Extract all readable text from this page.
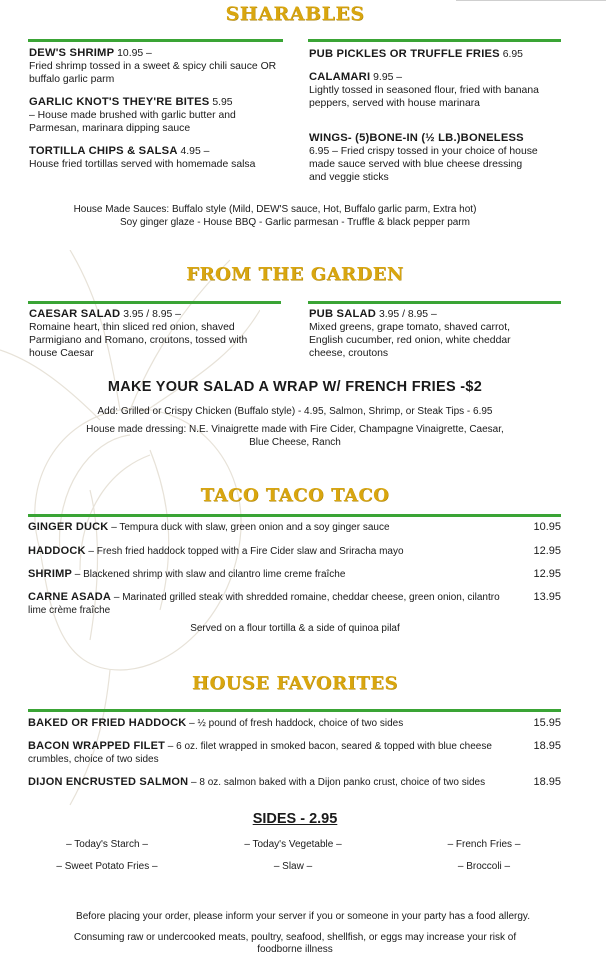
SHARABLES
DEW'S SHRIMP 10.95 –
Fried shrimp tossed in a sweet & spicy chili sauce OR buffalo garlic parm
GARLIC KNOT'S THEY'RE BITES 5.95
– House made brushed with garlic butter and Parmesan, marinara dipping sauce
TORTILLA CHIPS & SALSA 4.95 –
House fried tortillas served with homemade salsa
PUB PICKLES OR TRUFFLE FRIES 6.95
CALAMARI 9.95 –
Lightly tossed in seasoned flour, fried with banana peppers, served with house marinara
WINGS- (5)BONE-IN (½ LB.)BONELESS
6.95 – Fried crispy tossed in your choice of house made sauce served with blue cheese dressing and veggie sticks
House Made Sauces: Buffalo style (Mild, DEW'S sauce, Hot, Buffalo garlic parm, Extra hot)
Soy ginger glaze - House BBQ - Garlic parmesan - Truffle & black pepper parm
FROM THE GARDEN
CAESAR SALAD 3.95 / 8.95 –
Romaine heart, thin sliced red onion, shaved Parmigiano and Romano, croutons, tossed with house Caesar
PUB SALAD 3.95 / 8.95 –
Mixed greens, grape tomato, shaved carrot, English cucumber, red onion, white cheddar cheese, croutons
MAKE YOUR SALAD A WRAP W/ FRENCH FRIES -$2
Add: Grilled or Crispy Chicken (Buffalo style) - 4.95, Salmon, Shrimp, or Steak Tips - 6.95
House made dressing: N.E. Vinaigrette made with Fire Cider, Champagne Vinaigrette, Caesar,
Blue Cheese, Ranch
TACO TACO TACO
GINGER DUCK – Tempura duck with slaw, green onion and a soy ginger sauce	10.95
HADDOCK – Fresh fried haddock topped with a Fire Cider slaw and Sriracha mayo	12.95
SHRIMP – Blackened shrimp with slaw and cilantro lime creme fraîche	12.95
CARNE ASADA – Marinated grilled steak with shredded romaine, cheddar cheese, green onion, cilantro lime crème fraîche
13.95
Served on a flour tortilla & a side of quinoa pilaf
HOUSE FAVORITES
BAKED OR FRIED HADDOCK – ½ pound of fresh haddock, choice of two sides	15.95
BACON WRAPPED FILET – 6 oz. filet wrapped in smoked bacon, seared & topped with blue cheese crumbles, choice of two sides
18.95
DIJON ENCRUSTED SALMON – 8 oz. salmon baked with a Dijon panko crust, choice of two sides	18.95
SIDES - 2.95
– Today's Starch –	– Today's Vegetable –	– French Fries –
– Sweet Potato Fries –	– Slaw –	– Broccoli –
Before placing your order, please inform your server if you or someone in your party has a food allergy.
Consuming raw or undercooked meats, poultry, seafood, shellfish, or eggs may increase your risk of
foodborne illness
